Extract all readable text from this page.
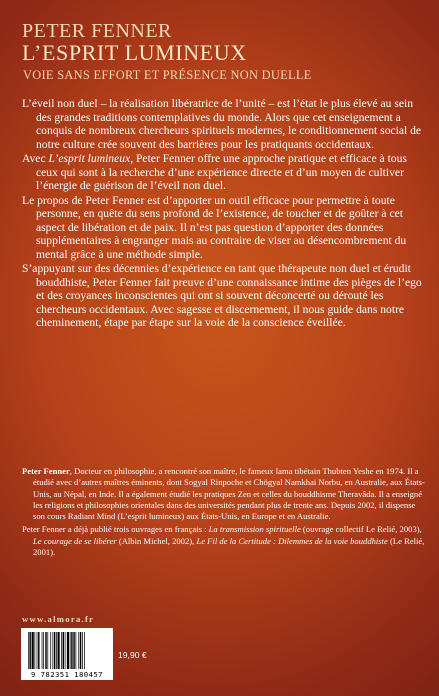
PETER FENNER
L’ESPRIT LUMINEUX
VOIE SANS EFFORT ET PRÉSENCE NON DUELLE

L’éveil non duel – la réalisation libératrice de l’unité – est l’état le plus élevé au sein des grandes traditions contemplatives du monde. Alors que cet enseignement a conquis de nombreux chercheurs spirituels modernes, le conditionnement social de notre culture crée souvent des barrières pour les pratiquants occidentaux.

Avec L’esprit lumineux, Peter Fenner offre une approche pratique et efficace à tous ceux qui sont à la recherche d’une expérience directe et d’un moyen de cultiver l’énergie de guérison de l’éveil non duel.

Le propos de Peter Fenner est d’apporter un outil efficace pour permettre à toute personne, en quête du sens profond de l’existence, de toucher et de goûter à cet aspect de libération et de paix. Il n’est pas question d’apporter des données supplémentaires à engranger mais au contraire de viser au désencombrement du mental grâce à une méthode simple.

S’appuyant sur des décennies d’expérience en tant que thérapeute non duel et érudit bouddhiste, Peter Fenner fait preuve d’une connaissance intime des pièges de l’ego et des croyances inconscientes qui ont si souvent déconcerté ou dérouté les chercheurs occidentaux. Avec sagesse et discernement, il nous guide dans notre cheminement, étape par étape sur la voie de la conscience éveillée.

Peter Fenner, Docteur en philosophie, a rencontré son maître, le fameux lama tibétain Thubten Yeshe en 1974. Il a étudié avec d’autres maîtres éminents, dont Sogyal Rinpoche et Chögyal Namkhai Norbu, en Australie, aux États-Unis, au Népal, en Inde. Il a également étudié les pratiques Zen et celles du bouddhisme Theravâda. Il a enseigné les religions et philosophies orientales dans des universités pendant plus de trente ans. Depuis 2002, il dispense son cours Radiant Mind (L’esprit lumineux) aux États-Unis, en Europe et en Australie.

Peter Fenner a déjà publié trois ouvrages en français : La transmission spirituelle (ouvrage collectif Le Relié, 2003), Le courage de se libérer (Albin Michel, 2002), Le Fil de la Certitude : Dilemmes de la voie bouddhiste (Le Relié, 2001).

www.almora.fr
9 782351 180457
19,90 €
